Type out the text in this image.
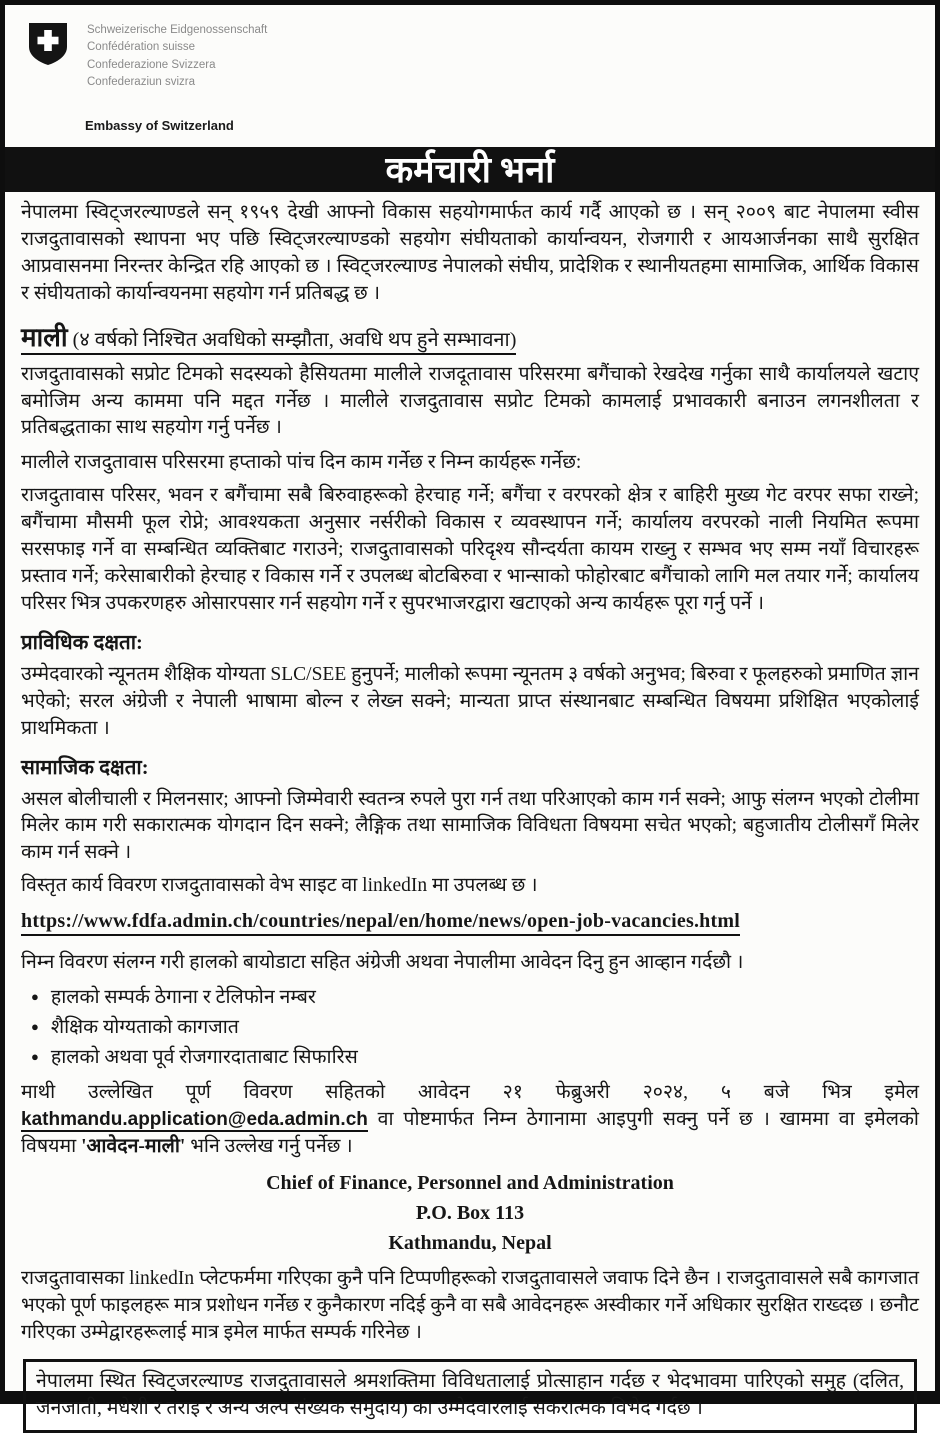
Schweizerische Eidgenossenschaft
Confédération suisse
Confederazione Svizzera
Confederaziun svizra
Embassy of Switzerland
कर्मचारी भर्ना

नेपालमा स्विट्जरल्याण्डले सन् १९५९ देखी आफ्नो विकास सहयोगमार्फत कार्य गर्दै आएको छ । सन् २००९ बाट नेपालमा स्वीस राजदुतावासको स्थापना भए पछि स्विट्जरल्याण्डको सहयोग संघीयताको कार्यान्वयन, रोजगारी र आयआर्जनका साथै सुरक्षित आप्रवासनमा निरन्तर केन्द्रित रहि आएको छ । स्विट्जरल्याण्ड नेपालको संघीय, प्रादेशिक र स्थानीयतहमा सामाजिक, आर्थिक विकास र संघीयताको कार्यान्वयनमा सहयोग गर्न प्रतिबद्ध छ ।

माली (४ वर्षको निश्चित अवधिको सम्झौता, अवधि थप हुने सम्भावना)

राजदुतावासको सप्रोट टिमको सदस्यको हैसियतमा मालीले राजदूतावास परिसरमा बगैंचाको रेखदेख गर्नुका साथै कार्यालयले खटाए बमोजिम अन्य काममा पनि मद्दत गर्नेछ । मालीले राजदुतावास सप्रोट टिमको कामलाई प्रभावकारी बनाउन लगनशीलता र प्रतिबद्धताका साथ सहयोग गर्नु पर्नेछ ।

मालीले राजदुतावास परिसरमा हप्ताको पांच दिन काम गर्नेछ र निम्न कार्यहरू गर्नेछ:

राजदुतावास परिसर, भवन र बगैंचामा सबै बिरुवाहरूको हेरचाह गर्ने; बगैंचा र वरपरको क्षेत्र र बाहिरी मुख्य गेट वरपर सफा राख्ने; बगैंचामा मौसमी फूल रोप्ने; आवश्यकता अनुसार नर्सरीको विकास र व्यवस्थापन गर्ने; कार्यालय वरपरको नाली नियमित रूपमा सरसफाइ गर्ने वा सम्बन्धित व्यक्तिबाट गराउने; राजदुतावासको परिदृश्य सौन्दर्यता कायम राख्नु र सम्भव भए सम्म नयाँ विचारहरू प्रस्ताव गर्ने; करेसाबारीको हेरचाह र विकास गर्ने र उपलब्ध बोटबिरुवा र भान्साको फोहोरबाट बगैंचाको लागि मल तयार गर्ने; कार्यालय परिसर भित्र उपकरणहरु ओसारपसार गर्न सहयोग गर्ने र सुपरभाजरद्वारा खटाएको अन्य कार्यहरू पूरा गर्नु पर्ने ।

प्राविधिक दक्षता:

उम्मेदवारको न्यूनतम शैक्षिक योग्यता SLC/SEE हुनुपर्ने; मालीको रूपमा न्यूनतम ३ वर्षको अनुभव; बिरुवा र फूलहरुको प्रमाणित ज्ञान भऐको; सरल अंग्रेजी र नेपाली भाषामा बोल्न र लेख्न सक्ने; मान्यता प्राप्त संस्थानबाट सम्बन्धित विषयमा प्रशिक्षित भएकोलाई प्राथमिकता ।

सामाजिक दक्षता:

असल बोलीचाली र मिलनसार; आफ्नो जिम्मेवारी स्वतन्त्र रुपले पुरा गर्न तथा परिआएको काम गर्न सक्ने; आफु संलग्न भएको टोलीमा मिलेर काम गरी सकारात्मक योगदान दिन सक्ने; लैङ्गिक तथा सामाजिक विविधता विषयमा सचेत भएको; बहुजातीय टोलीसगँ मिलेर काम गर्न सक्ने ।

विस्तृत कार्य विवरण राजदुतावासको वेभ साइट वा linkedIn मा उपलब्ध छ ।

https://www.fdfa.admin.ch/countries/nepal/en/home/news/open-job-vacancies.html

निम्न विवरण संलग्न गरी हालको बायोडाटा सहित अंग्रेजी अथवा नेपालीमा आवेदन दिनु हुन आव्हान गर्दछौ ।

● हालको सम्पर्क ठेगाना र टेलिफोन नम्बर
● शैक्षिक योग्यताको कागजात
● हालको अथवा पूर्व रोजगारदाताबाट सिफारिस

माथी उल्लेखित पूर्ण विवरण सहितको आवेदन २१ फेब्रुअरी २०२४, ५ बजे भित्र इमेल kathmandu.application@eda.admin.ch वा पोष्टमार्फत निम्न ठेगानामा आइपुगी सक्नु पर्ने छ । खाममा वा इमेलको विषयमा 'आवेदन-माली' भनि उल्लेख गर्नु पर्नेछ ।

Chief of Finance, Personnel and Administration
P.O. Box 113
Kathmandu, Nepal

राजदुतावासका linkedIn प्लेटफर्ममा गरिएका कुनै पनि टिप्पणीहरूको राजदुतावासले जवाफ दिने छैन । राजदुतावासले सबै कागजात भएको पूर्ण फाइलहरू मात्र प्रशोधन गर्नेछ र कुनैकारण नदिई कुनै वा सबै आवेदनहरू अस्वीकार गर्ने अधिकार सुरक्षित राख्दछ । छनौट गरिएका उम्मेद्वारहरूलाई मात्र इमेल मार्फत सम्पर्क गरिनेछ ।

नेपालमा स्थित स्विट्जरल्याण्ड राजदुतावासले श्रमशक्तिमा विविधतालाई प्रोत्साहान गर्दछ र भेदभावमा पारिएको समुह (दलित, जनजाती, मधेशी र तराइ र अन्य अल्प संख्यक समुदाय) का उम्मेदवारलाई सकरात्मक विभेद गर्दछ ।
